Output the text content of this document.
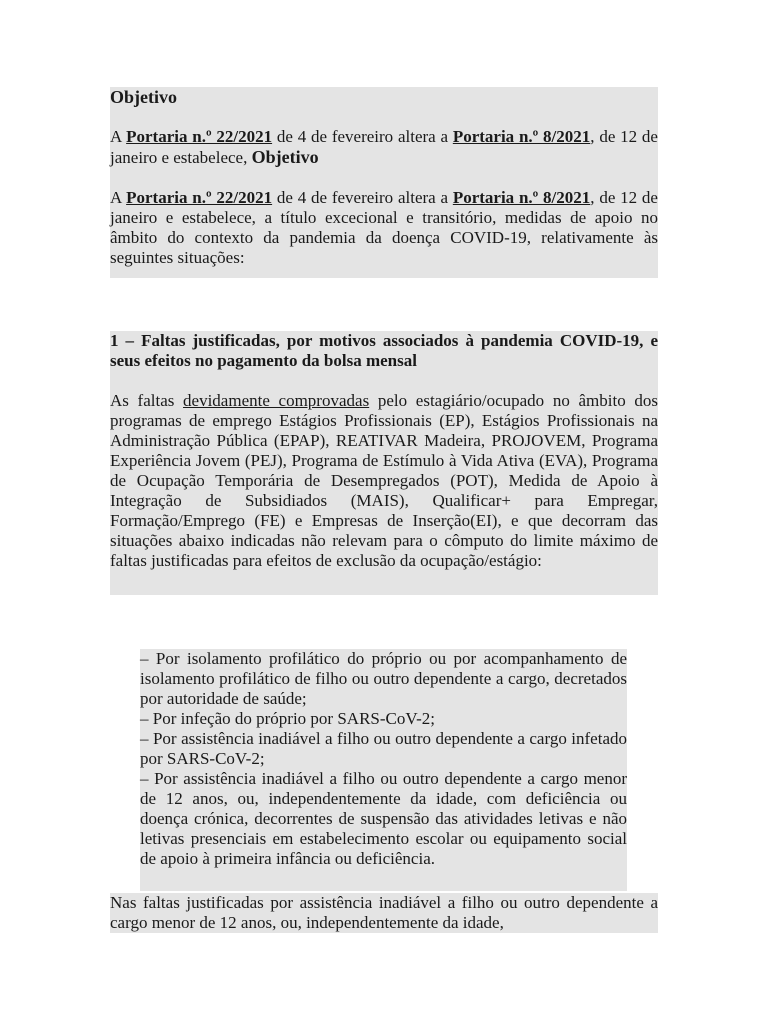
Objetivo

A Portaria n.º 22/2021 de 4 de fevereiro altera a Portaria n.º 8/2021, de 12 de janeiro e estabelece, Objetivo

A Portaria n.º 22/2021 de 4 de fevereiro altera a Portaria n.º 8/2021, de 12 de janeiro e estabelece, a título excecional e transitório, medidas de apoio no âmbito do contexto da pandemia da doença COVID-19, relativamente às seguintes situações:

1 – Faltas justificadas, por motivos associados à pandemia COVID-19, e seus efeitos no pagamento da bolsa mensal

As faltas devidamente comprovadas pelo estagiário/ocupado no âmbito dos programas de emprego Estágios Profissionais (EP), Estágios Profissionais na Administração Pública (EPAP), REATIVAR Madeira, PROJOVEM, Programa Experiência Jovem (PEJ), Programa de Estímulo à Vida Ativa (EVA), Programa de Ocupação Temporária de Desempregados (POT), Medida de Apoio à Integração de Subsidiados (MAIS), Qualificar+ para Empregar, Formação/Emprego (FE) e Empresas de Inserção(EI), e que decorram das situações abaixo indicadas não relevam para o cômputo do limite máximo de faltas justificadas para efeitos de exclusão da ocupação/estágio:

– Por isolamento profilático do próprio ou por acompanhamento de isolamento profilático de filho ou outro dependente a cargo, decretados por autoridade de saúde;

– Por infeção do próprio por SARS-CoV-2;

– Por assistência inadiável a filho ou outro dependente a cargo infetado por SARS-CoV-2;

– Por assistência inadiável a filho ou outro dependente a cargo menor de 12 anos, ou, independentemente da idade, com deficiência ou doença crónica, decorrentes de suspensão das atividades letivas e não letivas presenciais em estabelecimento escolar ou equipamento social de apoio à primeira infância ou deficiência.

Nas faltas justificadas por assistência inadiável a filho ou outro dependente a cargo menor de 12 anos, ou, independentemente da idade,
